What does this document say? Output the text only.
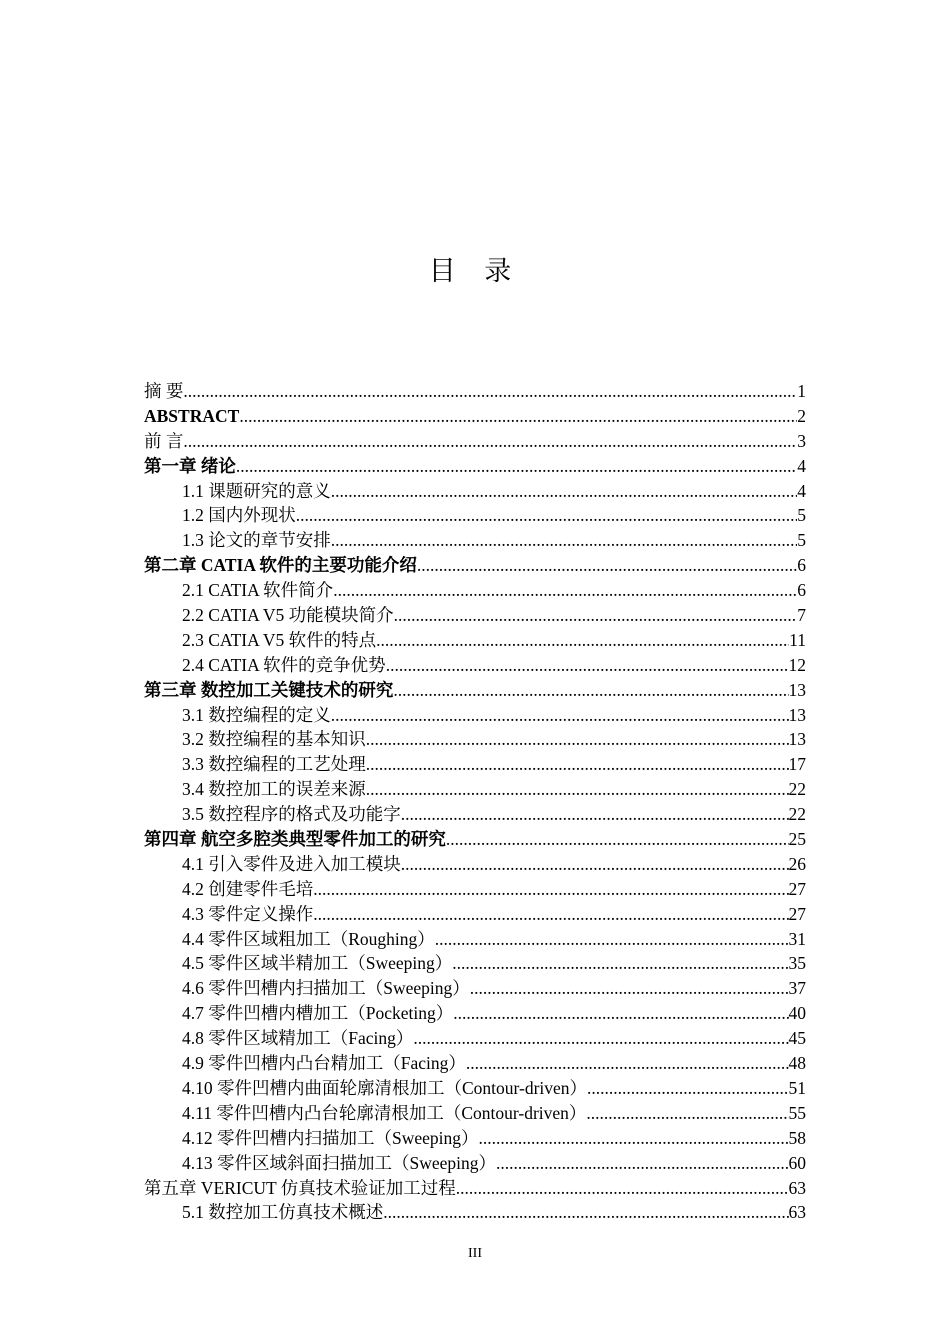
目 录
摘 要 .....	1
ABSTRACT .....	2
前 言 .....	3
第一章 绪论 .....	4
1.1 课题研究的意义 .....	4
1.2 国内外现状 .....	5
1.3 论文的章节安排 .....	5
第二章 CATIA 软件的主要功能介绍 .....	6
2.1 CATIA 软件简介 .....	6
2.2 CATIA V5 功能模块简介 .....	7
2.3 CATIA V5 软件的特点 .....	11
2.4 CATIA 软件的竞争优势 .....	12
第三章 数控加工关键技术的研究 .....	13
3.1 数控编程的定义 .....	13
3.2 数控编程的基本知识 .....	13
3.3 数控编程的工艺处理 .....	17
3.4 数控加工的误差来源 .....	22
3.5 数控程序的格式及功能字 .....	22
第四章 航空多腔类典型零件加工的研究 .....	25
4.1 引入零件及进入加工模块 .....	26
4.2 创建零件毛培 .....	27
4.3 零件定义操作 .....	27
4.4 零件区域粗加工（Roughing） .....	31
4.5 零件区域半精加工（Sweeping） .....	35
4.6 零件凹槽内扫描加工（Sweeping） .....	37
4.7 零件凹槽内槽加工（Pocketing） .....	40
4.8 零件区域精加工（Facing） .....	45
4.9 零件凹槽内凸台精加工（Facing） .....	48
4.10 零件凹槽内曲面轮廓清根加工（Contour-driven） .....	51
4.11 零件凹槽内凸台轮廓清根加工（Contour-driven） .....	55
4.12 零件凹槽内扫描加工（Sweeping） .....	58
4.13 零件区域斜面扫描加工（Sweeping） .....	60
第五章 VERICUT 仿真技术验证加工过程 .....	63
5.1 数控加工仿真技术概述 .....	63
III
